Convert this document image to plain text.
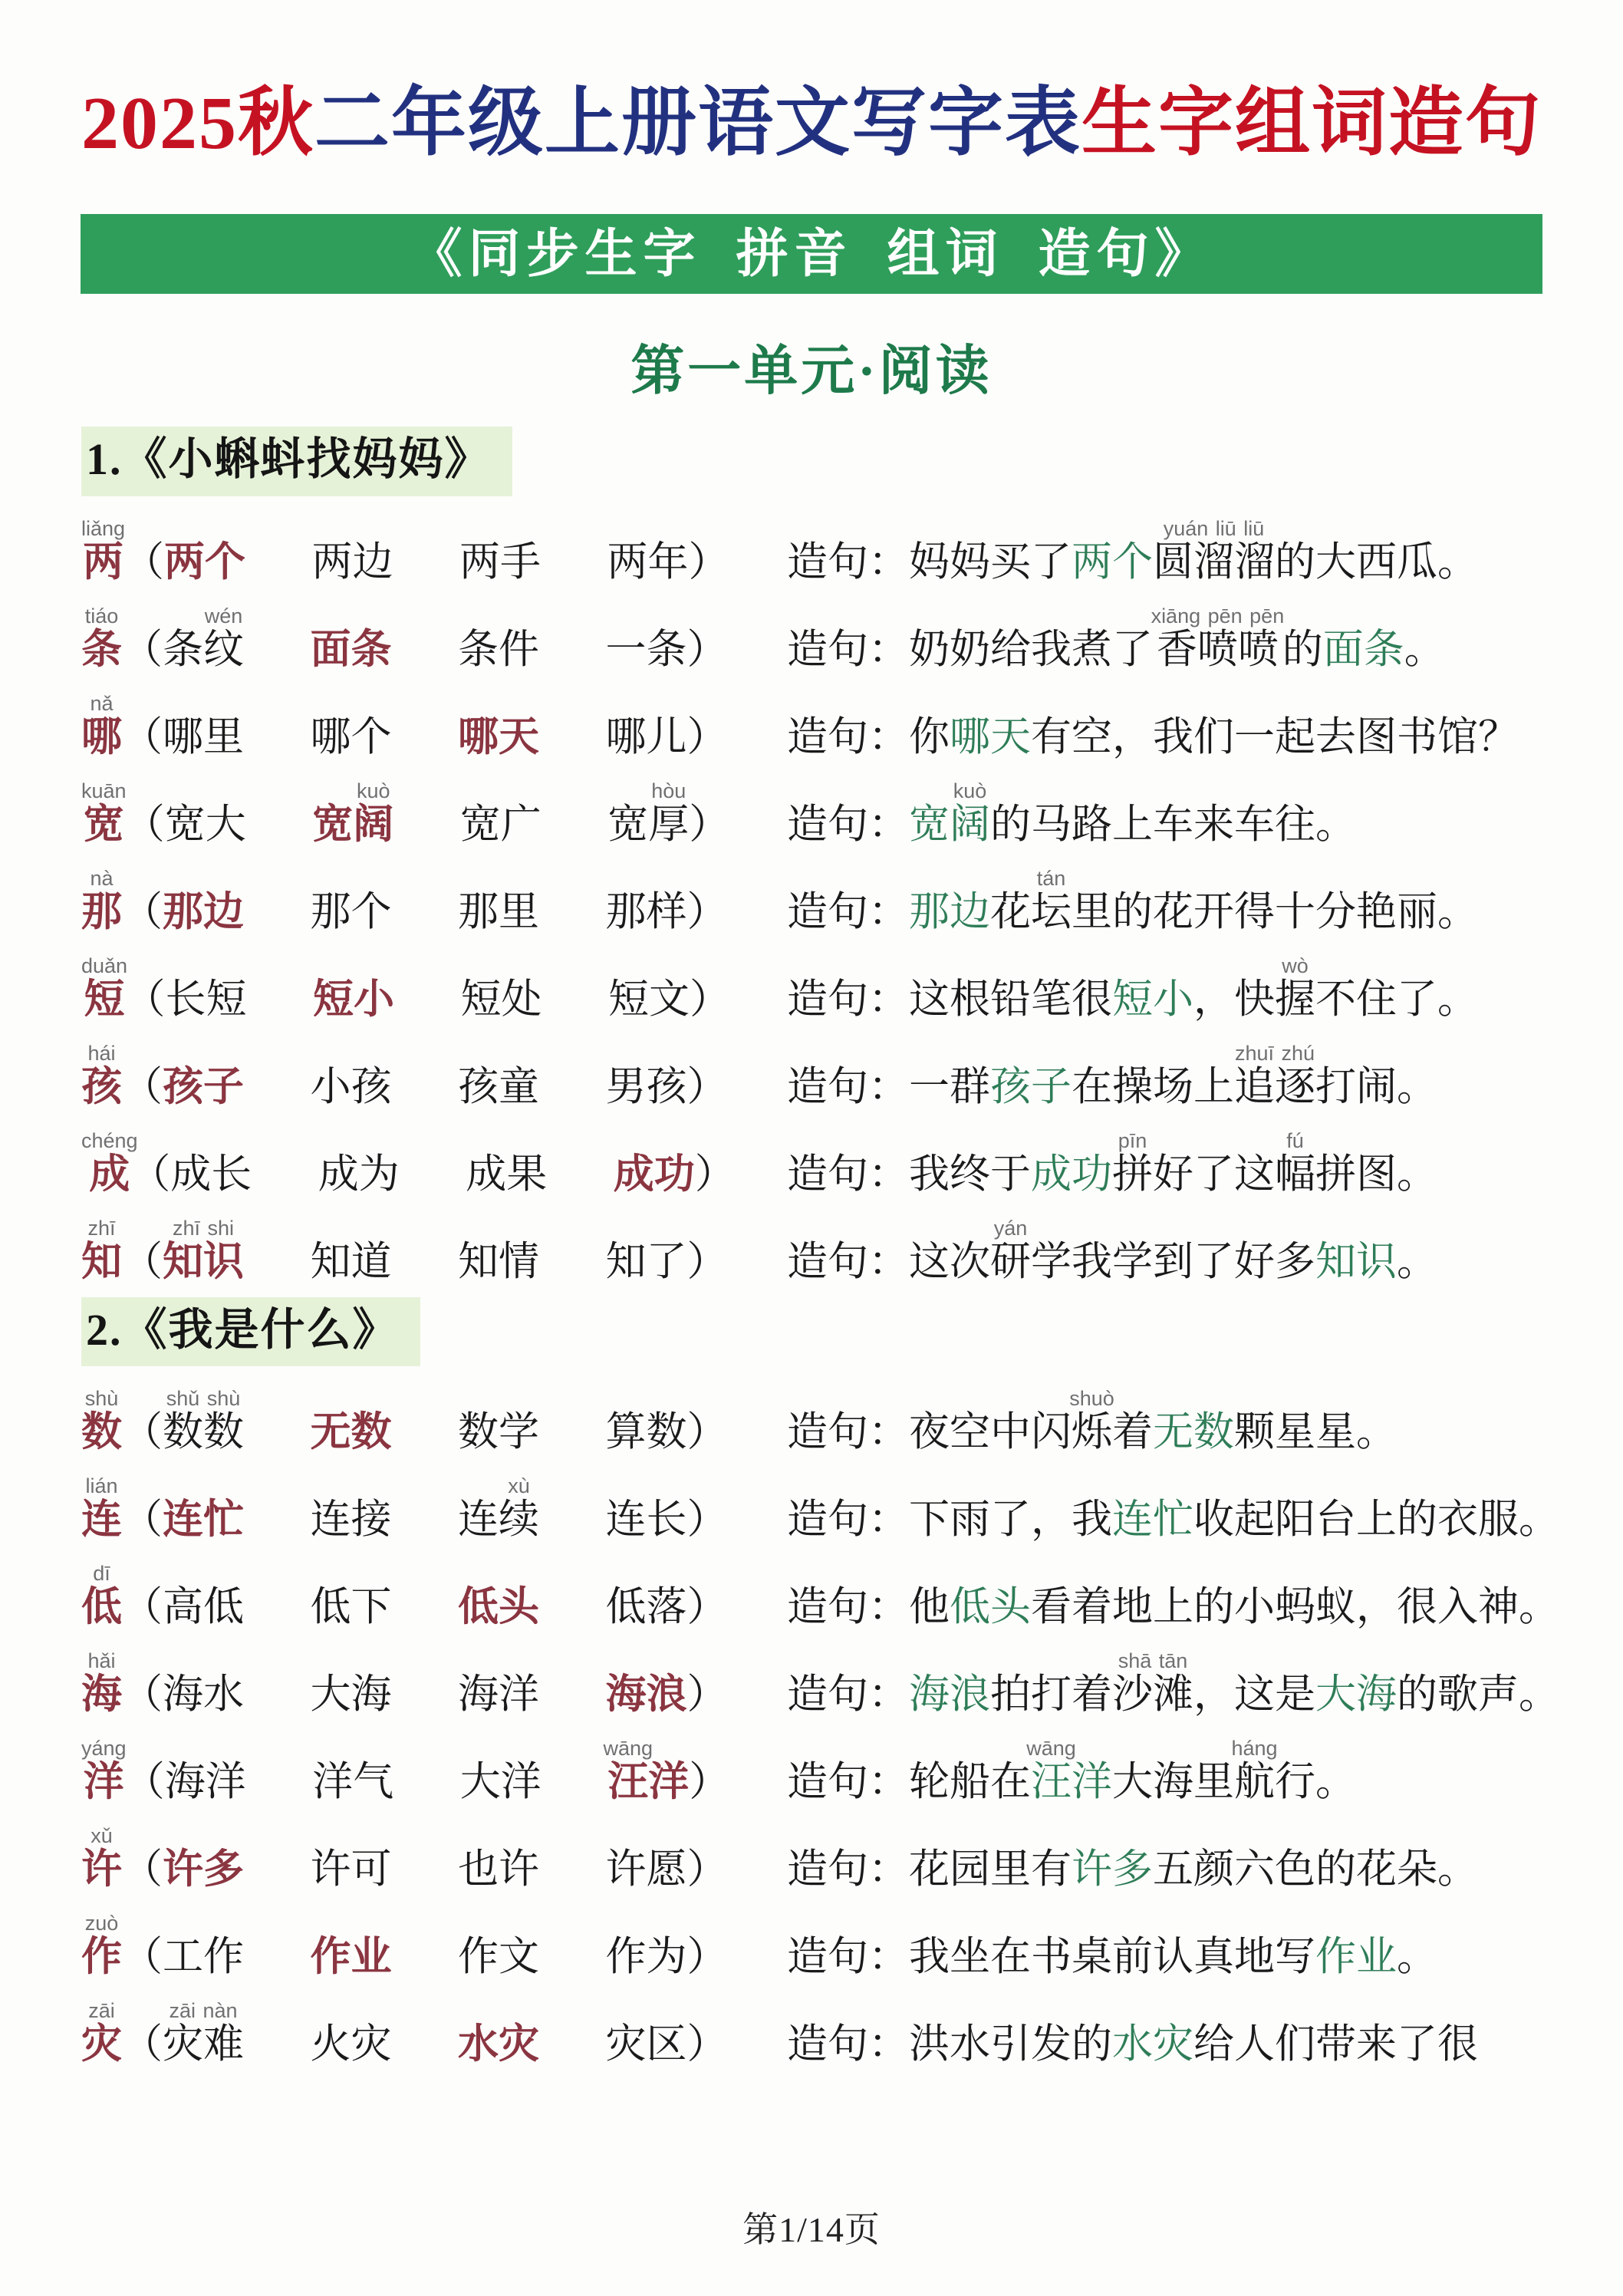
2025秋二年级上册语文写字表生字组词造句
《同步生字 拼音 组词 造句》
第一单元·阅读
1.《小蝌蚪找妈妈》
两liǎng（两个  两边  两手  两年）	造句：妈妈买了两个圆溜溜yuán liū liū的大西瓜。
条tiáo（条纹wén  面条  条件  一条）	造句：奶奶给我煮了香喷喷xiāng pēn pēn的面条。
哪nǎ（哪里  哪个  哪天  哪儿）	造句：你哪天有空，我们一起去图书馆？
宽kuān（宽大  宽阔kuò  宽广  宽厚hòu）	造句：宽阔kuò的马路上车来车往。
那nà（那边  那个  那里  那样）	造句：那边花坛tán里的花开得十分艳丽。
短duǎn（长短  短小  短处  短文）	造句：这根铅笔很短小，快握wò不住了。
孩hái（孩子  小孩  孩童  男孩）	造句：一群孩子在操场上追逐zhuī zhú打闹。
成chéng（成长  成为  成果  成功）	造句：我终于成功拼pīn好了这幅fú拼图。
知zhī（知识zhī shi  知道  知情  知了）	造句：这次研yán学我学到了好多知识。
2.《我是什么》
数shù（数数shǔ shù  无数  数学  算数）	造句：夜空中闪烁shuò着无数颗星星。
连lián（连忙  连接  连续xù  连长）	造句：下雨了，我连忙收起阳台上的衣服。
低dī（高低  低下  低头  低落）	造句：他低头看着地上的小蚂蚁，很入神。
海hǎi（海水  大海  海洋  海浪）	造句：海浪拍打着沙滩shā tān，这是大海的歌声。
洋yáng（海洋  洋气  大洋  汪wāng洋）	造句：轮船在汪wāng洋大海里航háng行。
许xǔ（许多  许可  也许  许愿）	造句：花园里有许多五颜六色的花朵。
作zuò（工作  作业  作文  作为）	造句：我坐在书桌前认真地写作业。
灾zāi（灾难zāi nàn  火灾  水灾  灾区）	造句：洪水引发的水灾给人们带来了很
第1/14页
